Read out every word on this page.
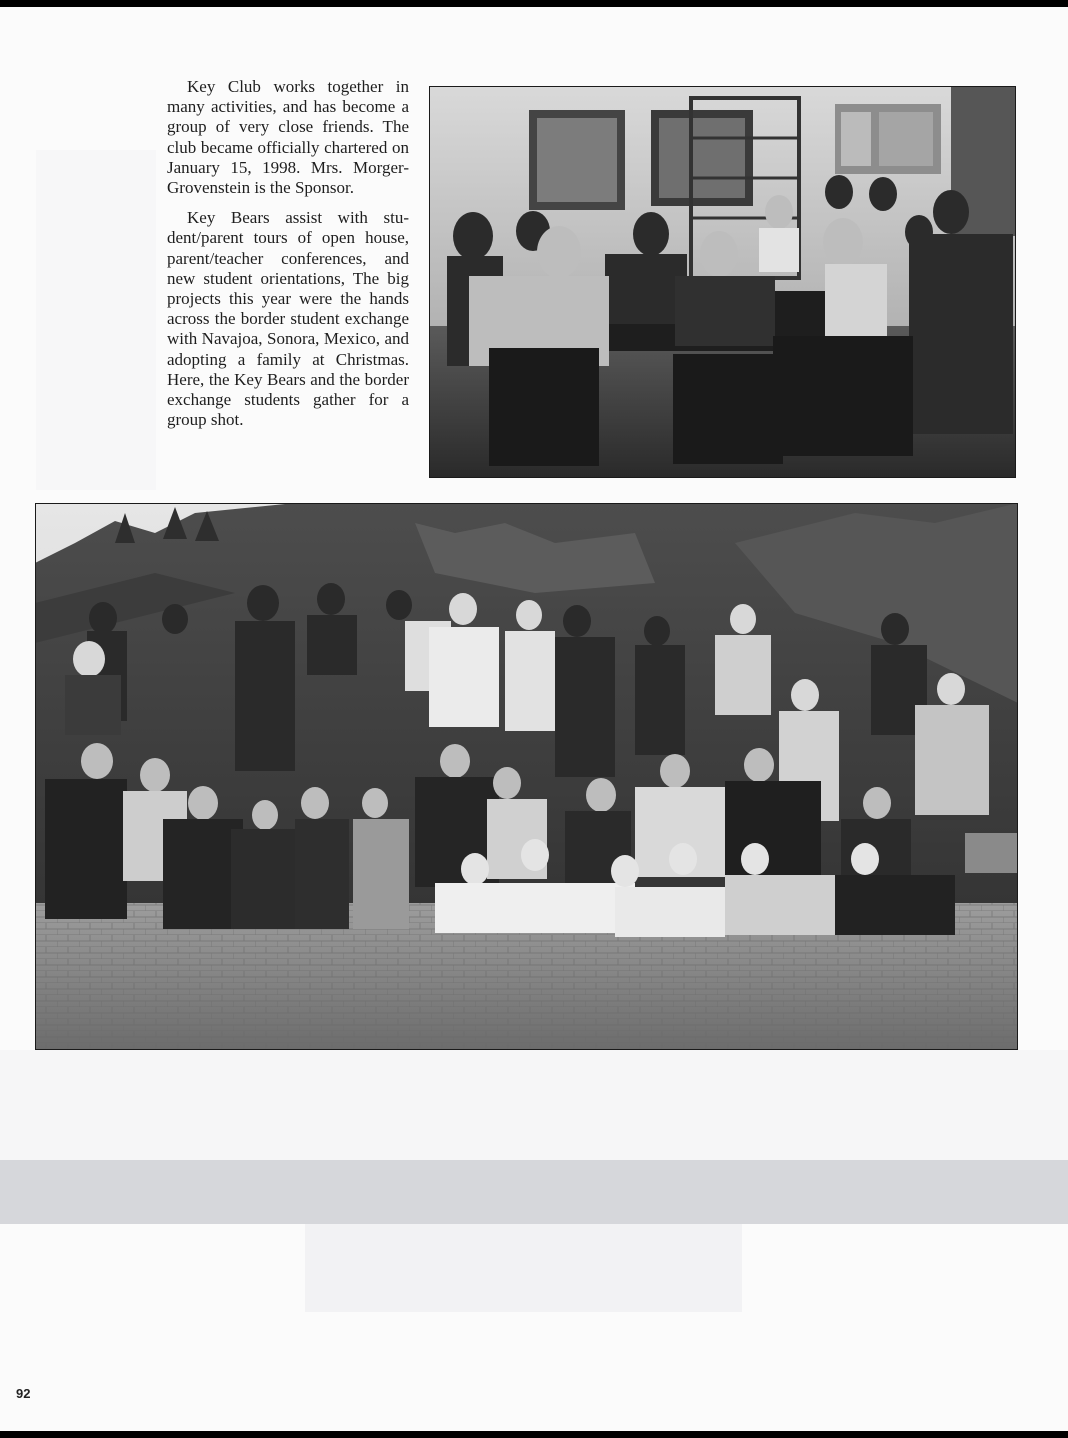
Key Club works together in many activities, and has become a group of very close friends. The club became officially chartered on January 15, 1998. Mrs. Morger-Grovenstein is the Sponsor.

Key Bears assist with student/parent tours of open house, parent/teacher conferences, and new student orientations, The big projects this year were the hands across the border student exchange with Navajoa, Sonora, Mexico, and adopting a family at Christmas. Here, the Key Bears and the border exchange students gather for a group shot.

92
